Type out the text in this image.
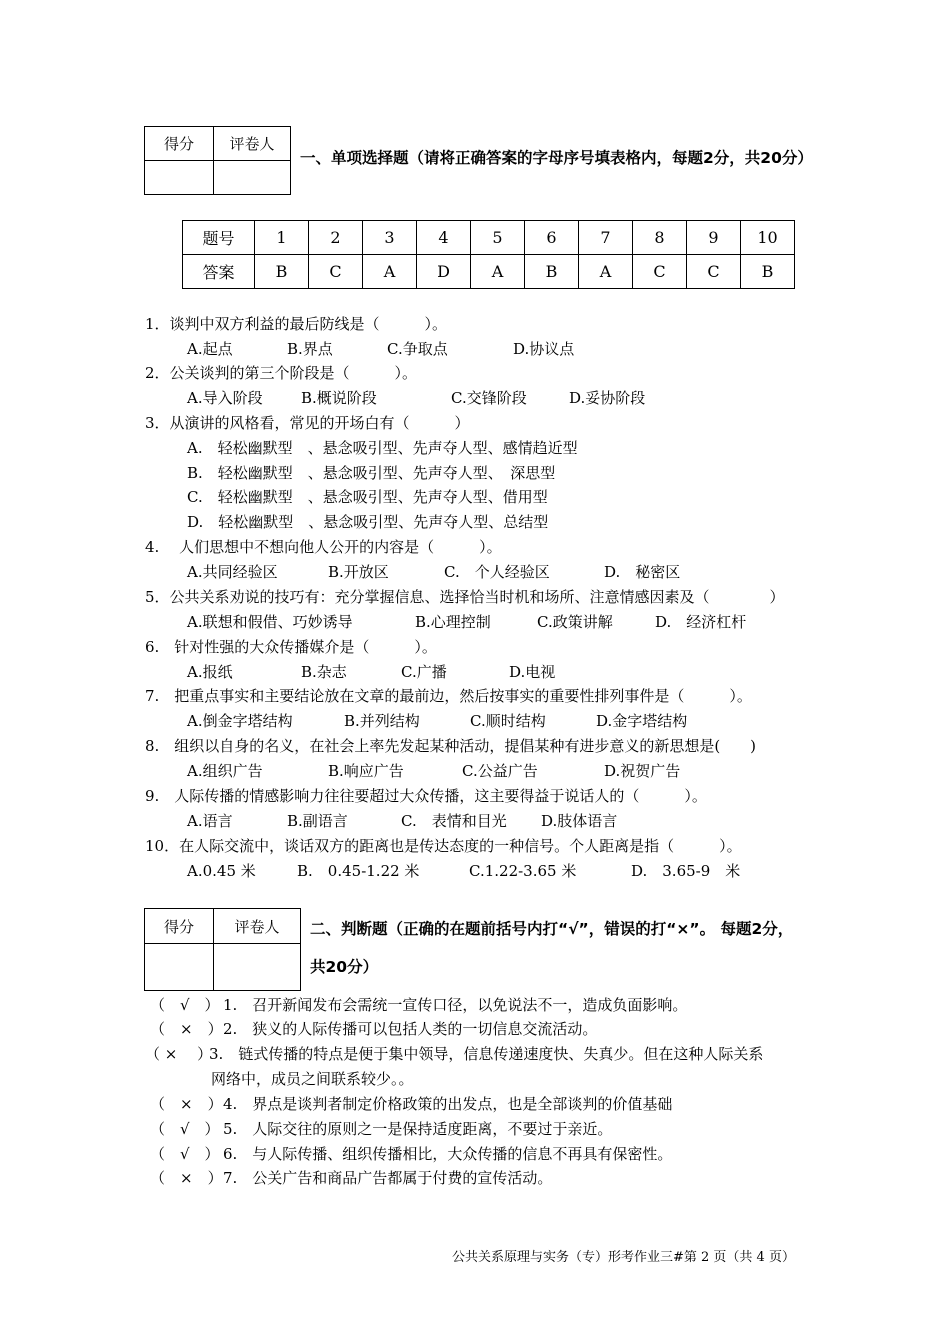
得分	评卷人

一、单项选择题（请将正确答案的字母序号填表格内，每题2分，共20分）
题号	1	2	3	4	5	6	7	8	9	10
答案	B	C	A	D	A	B	A	C	C	B
1．谈判中双方利益的最后防线是（　　　）。
A.起点	B.界点	C.争取点	D.协议点
2．公关谈判的第三个阶段是（　　　）。
A.导入阶段	B.概说阶段	C.交锋阶段	D.妥协阶段
3．从演讲的风格看，常见的开场白有（　　　）
A.　轻松幽默型　、悬念吸引型、先声夺人型、感情趋近型
B.　轻松幽默型　、悬念吸引型、先声夺人型、　深思型
C.　轻松幽默型　、悬念吸引型、先声夺人型、借用型
D.　轻松幽默型　、悬念吸引型、先声夺人型、总结型
4.　 人们思想中不想向他人公开的内容是（　　　）。
A.共同经验区	B.开放区	C.　个人经验区	D.　秘密区
5．公共关系劝说的技巧有：充分掌握信息、选择恰当时机和场所、注意情感因素及（　　　　）
A.联想和假借、巧妙诱导	B.心理控制	C.政策讲解	D.　经济杠杆
6.　针对性强的大众传播媒介是（　　　）。
A.报纸	B.杂志	C.广播	D.电视
7.　把重点事实和主要结论放在文章的最前边，然后按事实的重要性排列事件是（　　　）。
A.倒金字塔结构	B.并列结构	C.顺时结构	D.金字塔结构
8.　组织以自身的名义，在社会上率先发起某种活动，提倡某种有进步意义的新思想是(　　)
A.组织广告	B.响应广告	C.公益广告	D.祝贺广告
9.　人际传播的情感影响力往往要超过大众传播，这主要得益于说话人的（　　　）。
A.语言	B.副语言	C.　表情和目光 D.肢体语言
10．在人际交流中，谈话双方的距离也是传达态度的一种信号。个人距离是指（　　　）。
A.0.45 米	B.　0.45-1.22 米	C.1.22-3.65 米	D.　3.65-9　米
得分	评卷人
	二、判断题（正确的在题前括号内打“√”，错误的打“×”。 每题2分，
共20分）
（　√　） 1.　召开新闻发布会需统一宣传口径，以免说法不一，造成负面影响。
（　×　）2.　狭义的人际传播可以包括人类的一切信息交流活动。
（ ×　 ）3.　链式传播的特点是便于集中领导，信息传递速度快、失真少。但在这种人际关系
网络中，成员之间联系较少。。
（　×　）4.　界点是谈判者制定价格政策的出发点，也是全部谈判的价值基础
（　√　） 5.　人际交往的原则之一是保持适度距离，不要过于亲近。
（　√　） 6.　与人际传播、组织传播相比，大众传播的信息不再具有保密性。
（　×　）7.　公关广告和商品广告都属于付费的宣传活动。
公共关系原理与实务（专）形考作业三#第 2 页（共 4 页）
